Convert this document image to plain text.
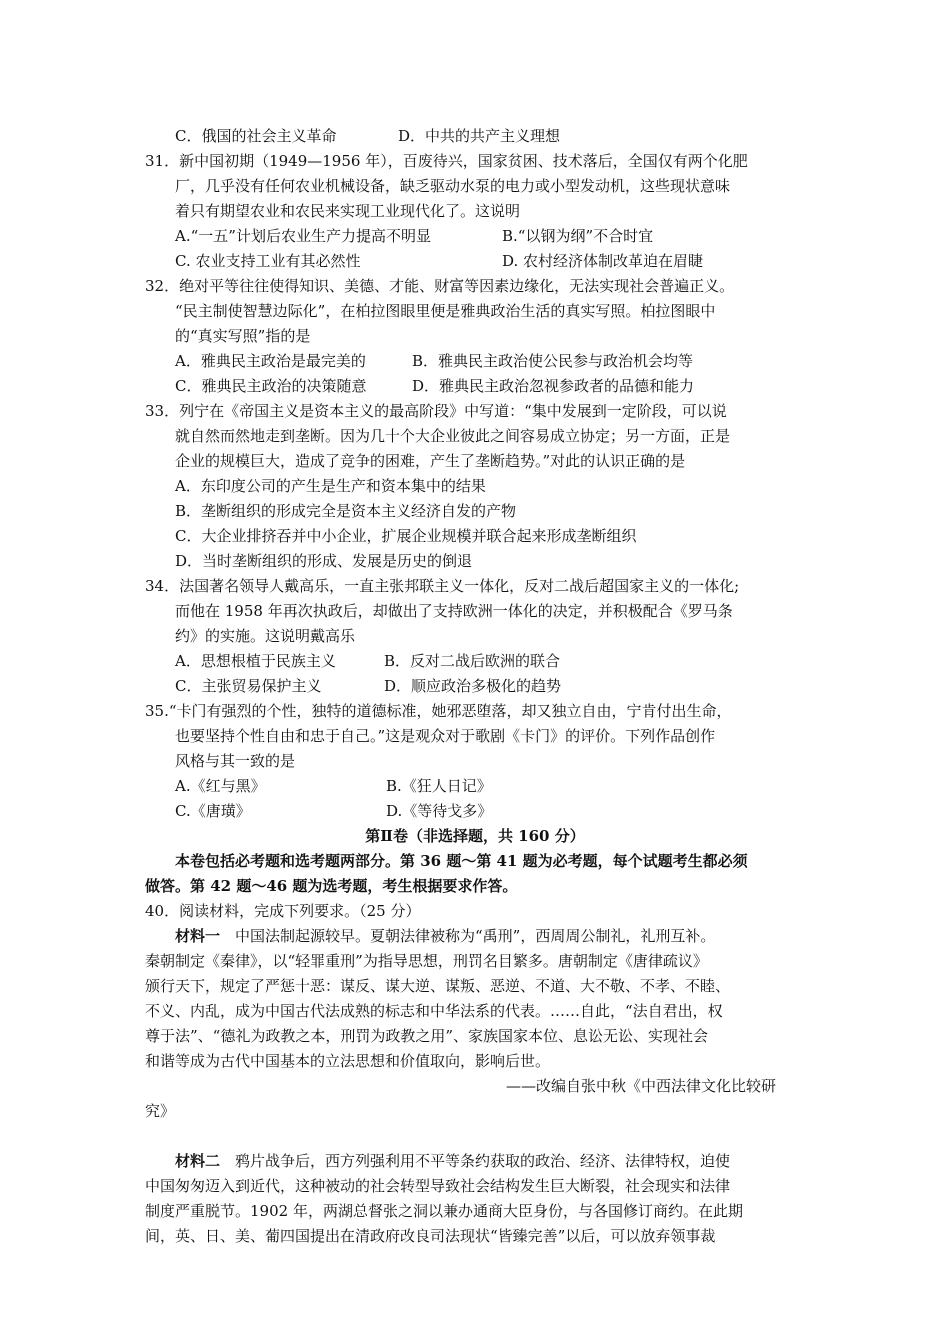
C．俄国的社会主义革命	D．中共的共产主义理想
31．新中国初期（1949—1956 年），百废待兴，国家贫困、技术落后，全国仅有两个化肥
厂，几乎没有任何农业机械设备，缺乏驱动水泵的电力或小型发动机，这些现状意味
着只有期望农业和农民来实现工业现代化了。这说明
A.“一五”计划后农业生产力提高不明显	B.“以钢为纲”不合时宜
C. 农业支持工业有其必然性	D. 农村经济体制改革迫在眉睫
32．绝对平等往往使得知识、美德、才能、财富等因素边缘化，无法实现社会普遍正义。
“民主制使智慧边际化”，在柏拉图眼里便是雅典政治生活的真实写照。柏拉图眼中
的“真实写照”指的是
A．雅典民主政治是最完美的	B．雅典民主政治使公民参与政治机会均等
C．雅典民主政治的决策随意	D．雅典民主政治忽视参政者的品德和能力
33．列宁在《帝国主义是资本主义的最高阶段》中写道：“集中发展到一定阶段，可以说
就自然而然地走到垄断。因为几十个大企业彼此之间容易成立协定；另一方面，正是
企业的规模巨大，造成了竞争的困难，产生了垄断趋势。”对此的认识正确的是
A．东印度公司的产生是生产和资本集中的结果
B．垄断组织的形成完全是资本主义经济自发的产物
C．大企业排挤吞并中小企业，扩展企业规模并联合起来形成垄断组织
D．当时垄断组织的形成、发展是历史的倒退
34．法国著名领导人戴高乐，一直主张邦联主义一体化，反对二战后超国家主义的一体化;
而他在 1958 年再次执政后，却做出了支持欧洲一体化的决定，并积极配合《罗马条
约》的实施。这说明戴高乐
A．思想根植于民族主义	B．反对二战后欧洲的联合
C．主张贸易保护主义	D．顺应政治多极化的趋势
35.“卡门有强烈的个性，独特的道德标准，她邪恶堕落，却又独立自由，宁肯付出生命，
也要坚持个性自由和忠于自己。”这是观众对于歌剧《卡门》的评价。下列作品创作
风格与其一致的是
A.《红与黑》	B.《狂人日记》
C.《唐璜》	D.《等待戈多》
第Ⅱ卷（非选择题，共 160 分）
本卷包括必考题和选考题两部分。第 36 题～第 41 题为必考题，每个试题考生都必须
做答。第 42 题～46 题为选考题，考生根据要求作答。
40．阅读材料，完成下列要求。（25 分）
材料一 中国法制起源较早。夏朝法律被称为“禹刑”，西周周公制礼，礼刑互补。
秦朝制定《秦律》，以“轻罪重刑”为指导思想，刑罚名目繁多。唐朝制定《唐律疏议》
颁行天下，规定了严惩十恶：谋反、谋大逆、谋叛、恶逆、不道、大不敬、不孝、不睦、
不义、内乱，成为中国古代法成熟的标志和中华法系的代表。……自此，“法自君出，权
尊于法”、“德礼为政教之本，刑罚为政教之用”、家族国家本位、息讼无讼、实现社会
和谐等成为古代中国基本的立法思想和价值取向，影响后世。
——改编自张中秋《中西法律文化比较研
究》
材料二 鸦片战争后，西方列强利用不平等条约获取的政治、经济、法律特权，迫使
中国匆匆迈入到近代，这种被动的社会转型导致社会结构发生巨大断裂，社会现实和法律
制度严重脱节。1902 年，两湖总督张之洞以兼办通商大臣身份，与各国修订商约。在此期
间，英、日、美、葡四国提出在清政府改良司法现状“皆臻完善”以后，可以放弃领事裁
